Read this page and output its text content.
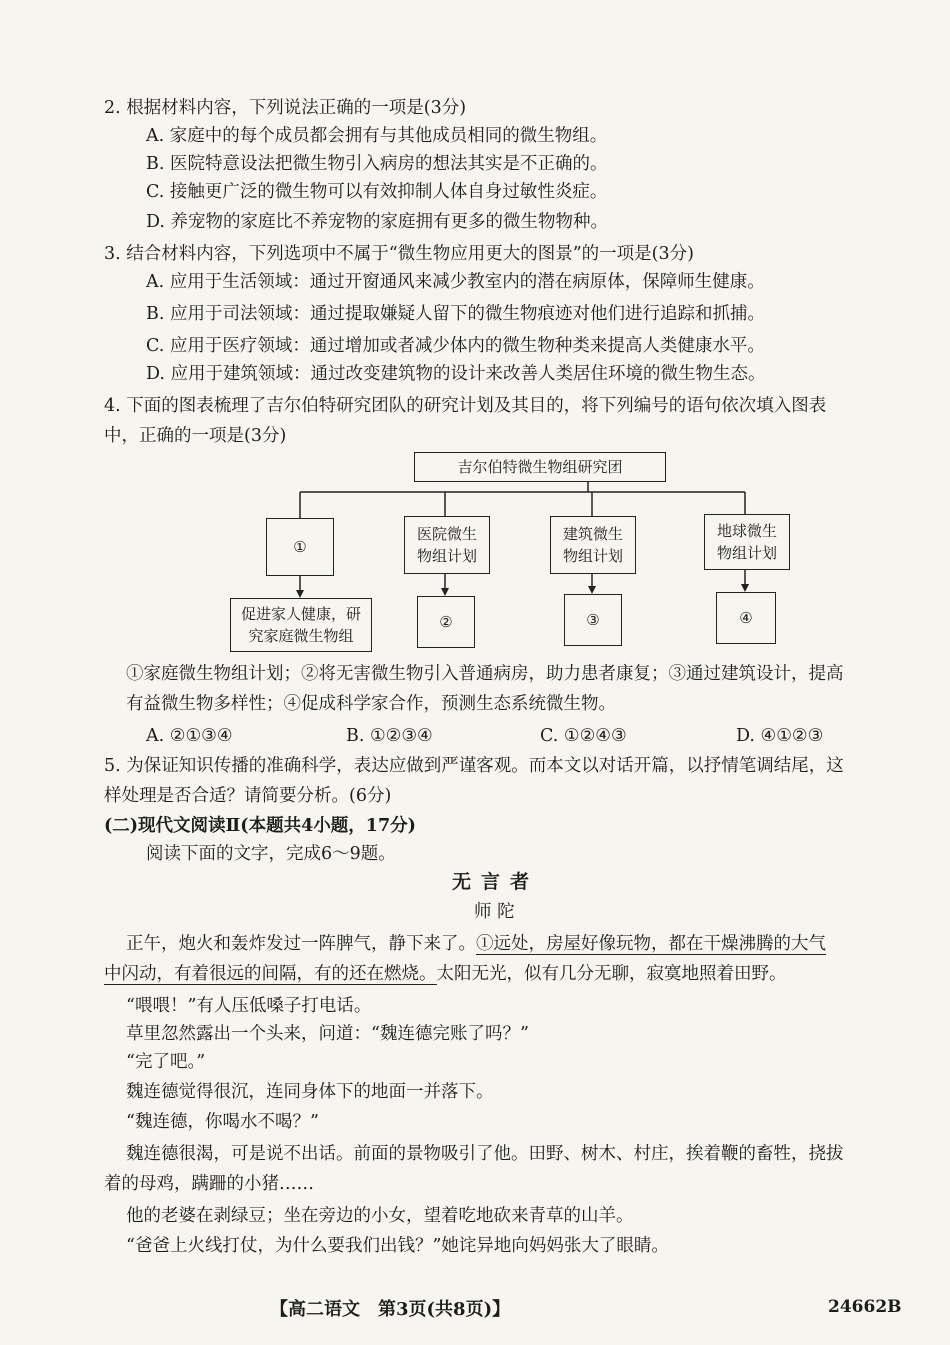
2. 根据材料内容，下列说法正确的一项是(3分)
A. 家庭中的每个成员都会拥有与其他成员相同的微生物组。
B. 医院特意设法把微生物引入病房的想法其实是不正确的。
C. 接触更广泛的微生物可以有效抑制人体自身过敏性炎症。
D. 养宠物的家庭比不养宠物的家庭拥有更多的微生物物种。
3. 结合材料内容，下列选项中不属于“微生物应用更大的图景”的一项是(3分)
A. 应用于生活领域：通过开窗通风来减少教室内的潜在病原体，保障师生健康。
B. 应用于司法领域：通过提取嫌疑人留下的微生物痕迹对他们进行追踪和抓捕。
C. 应用于医疗领域：通过增加或者减少体内的微生物种类来提高人类健康水平。
D. 应用于建筑领域：通过改变建筑物的设计来改善人类居住环境的微生物生态。
4. 下面的图表梳理了吉尔伯特研究团队的研究计划及其目的，将下列编号的语句依次填入图表
中，正确的一项是(3分)
吉尔伯特微生物组研究团
①
医院微生
物组计划
建筑微生
物组计划
地球微生
物组计划
促进家人健康，研
究家庭微生物组
②	③	④
①家庭微生物组计划；②将无害微生物引入普通病房，助力患者康复；③通过建筑设计，提高
有益微生物多样性；④促成科学家合作，预测生态系统微生物。
A. ②①③④	B. ①②③④	C. ①②④③	D. ④①②③
5. 为保证知识传播的准确科学，表达应做到严谨客观。而本文以对话开篇，以抒情笔调结尾，这
样处理是否合适？请简要分析。(6分)
(二)现代文阅读Ⅱ(本题共4小题，17分)
阅读下面的文字，完成6～9题。
无言者
师 陀
正午，炮火和轰炸发过一阵脾气，静下来了。①远处，房屋好像玩物，都在干燥沸腾的大气
中闪动，有着很远的间隔，有的还在燃烧。太阳无光，似有几分无聊，寂寞地照着田野。
“喂喂！”有人压低嗓子打电话。
草里忽然露出一个头来，问道：“魏连德完账了吗？”
“完了吧。”
魏连德觉得很沉，连同身体下的地面一并落下。
“魏连德，你喝水不喝？”
魏连德很渴，可是说不出话。前面的景物吸引了他。田野、树木、村庄，挨着鞭的畜牲，挠拔
着的母鸡，蹒跚的小猪……
他的老婆在剥绿豆；坐在旁边的小女，望着吃地砍来青草的山羊。
“爸爸上火线打仗，为什么要我们出钱？”她诧异地向妈妈张大了眼睛。
【高二语文　第3页(共8页)】	24662B
